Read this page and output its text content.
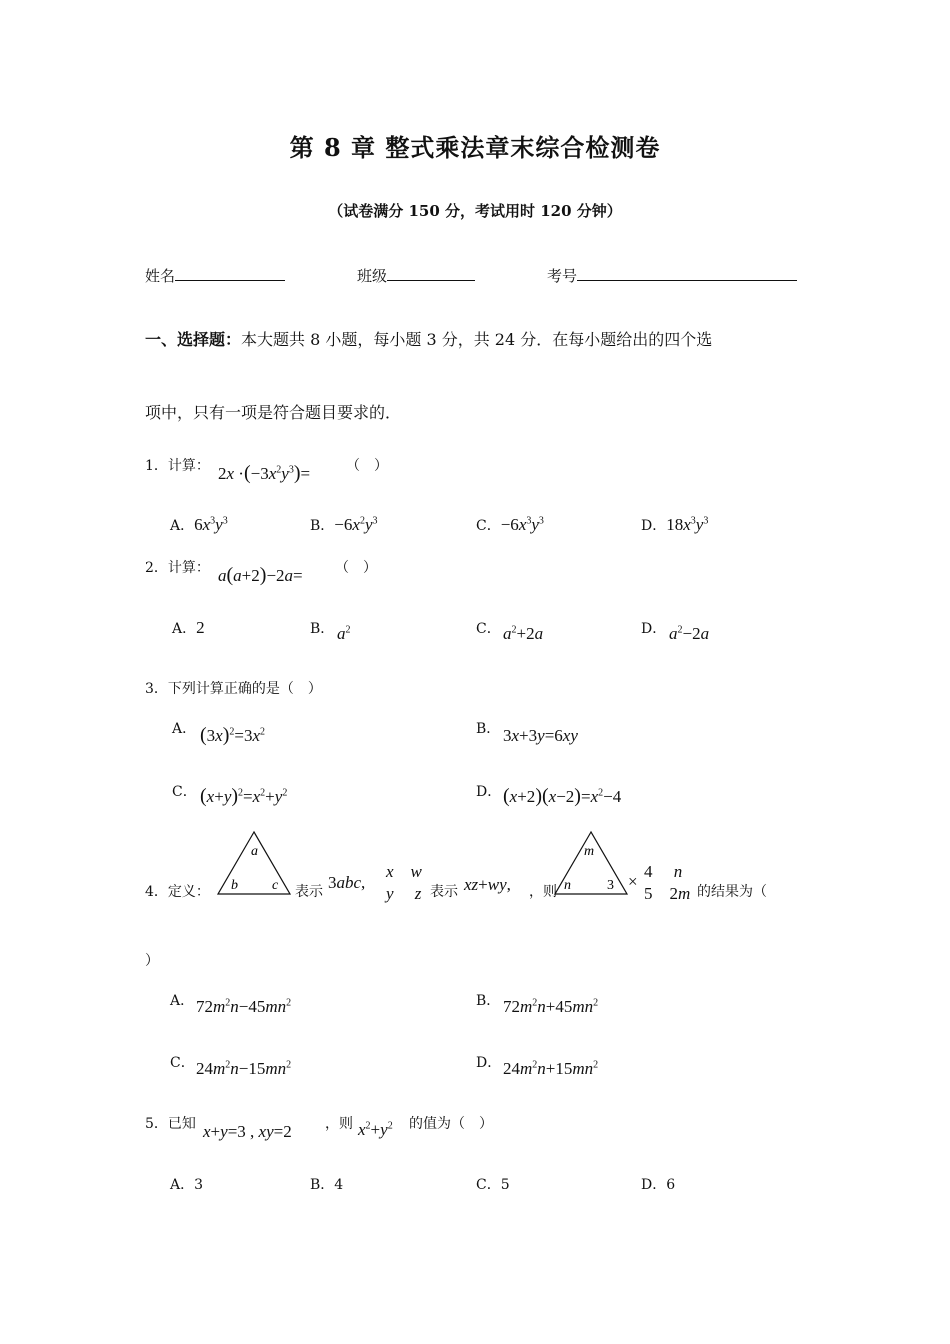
第 8 章 整式乘法章末综合检测卷
（试卷满分 150 分，考试用时 120 分钟）
姓名	班级	考号
一、选择题：本大题共 8 小题，每小题 3 分，共 24 分．在每小题给出的四个选
项中，只有一项是符合题目要求的．
1．计算： $2x \cdot(-3x^2y^3)=$	（　）
A．$6x^3y^3$	B．$-6x^2y^3$	C．$-6x^3y^3$	D．$18x^3y^3$
2．计算： a(a+2)−2a= （　）
A．2	B． $a^2$	C． $a^2+2a$	D． $a^2-2a$
3．下列计算正确的是（　）
A． $(3x)^2=3x^2$	B． 3x+3y=6xy
C． $(x+y)^2=x^2+y^2$	D． $(x+2)(x-2)=x^2-4$
4．定义：
a
b c 表示 3abc,
x w
y z 表示 xz+wy, ，则
m
n	3 ×
4     n
5    2m 的结果为（
）
A． $72m^2n-45mn^2$	B． $72m^2n+45mn^2$
C． $24m^2n-15mn^2$	D． $24m^2n+15mn^2$
5．已知 x+y=3 , xy=2 ，则 $x^2+y^2$ 的值为（　）
A．3	B．4	C．5	D．6
